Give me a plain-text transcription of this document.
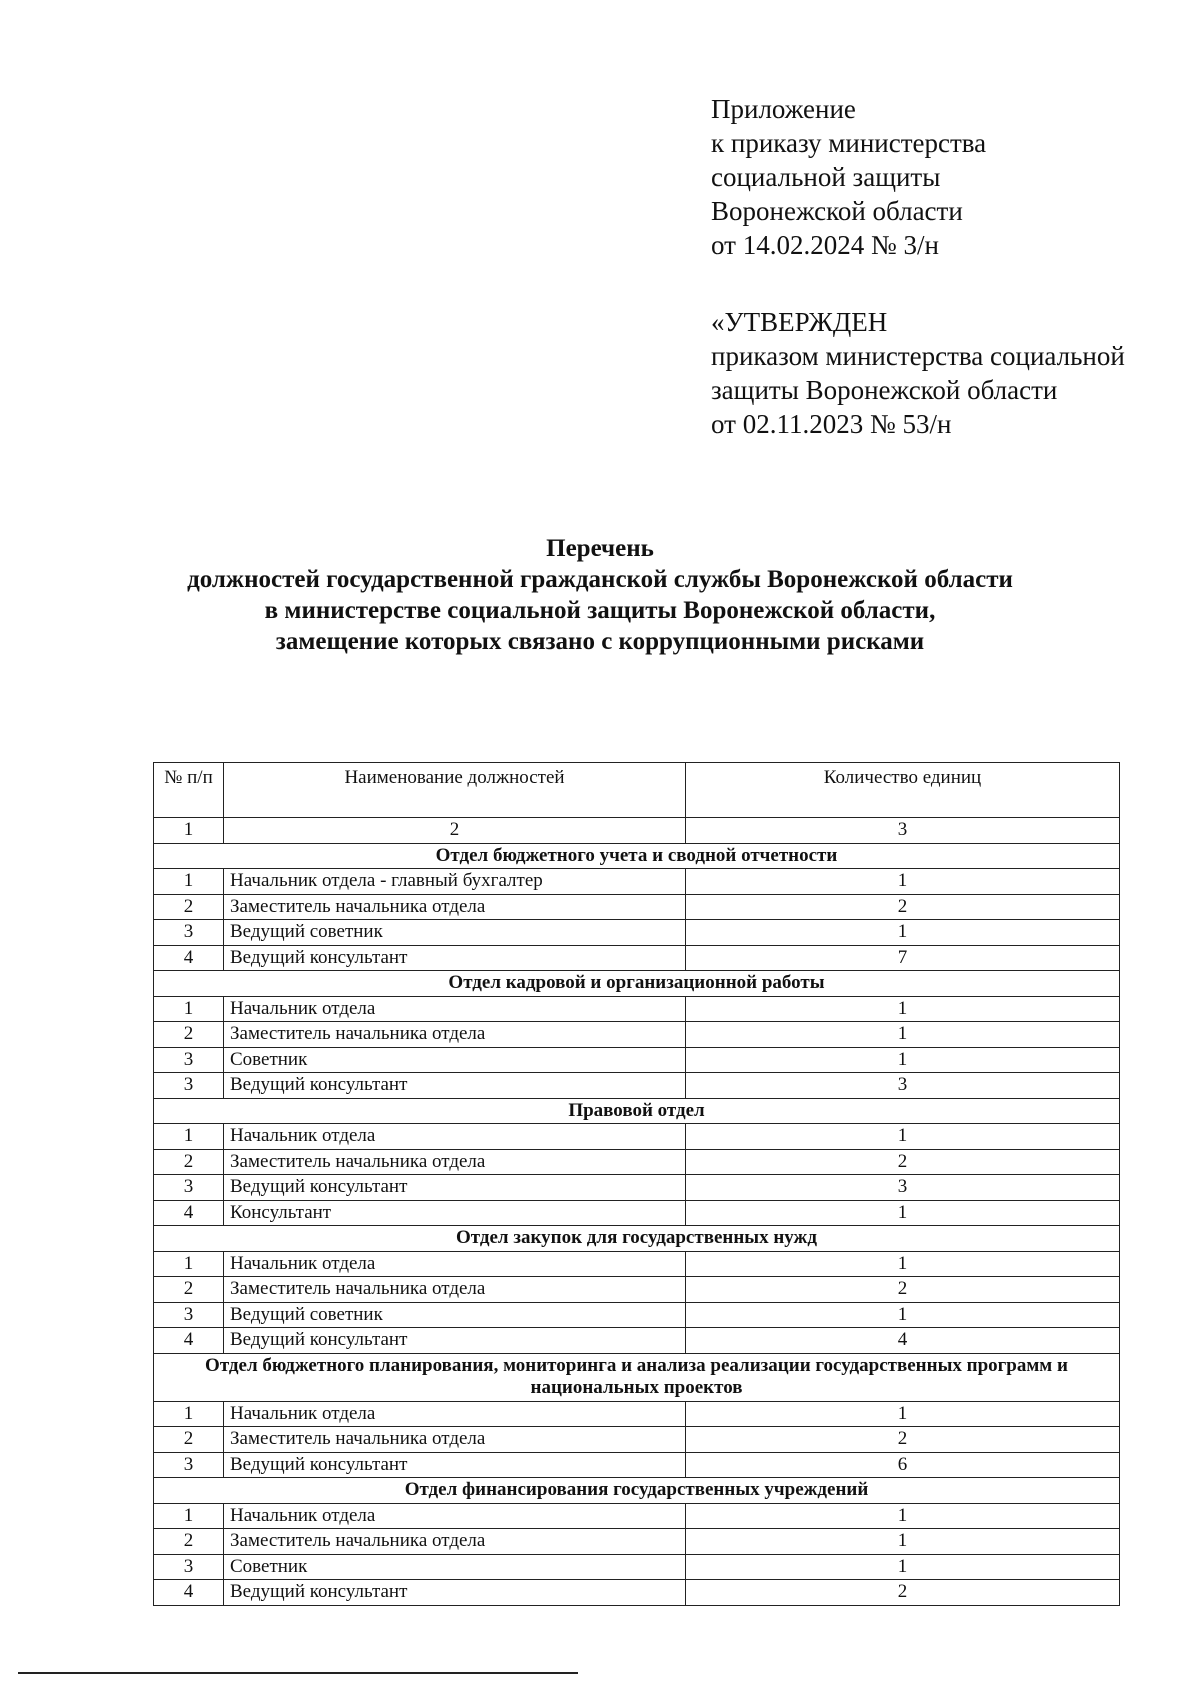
Приложение
к приказу министерства
социальной защиты
Воронежской области
от 14.02.2024 № 3/н
«УТВЕРЖДЕН
приказом министерства социальной
защиты Воронежской области
от 02.11.2023 № 53/н
Перечень
должностей государственной гражданской службы Воронежской области
в министерстве социальной защиты Воронежской области,
замещение которых связано с коррупционными рисками
№ п/п	Наименование должностей	Количество единиц
1	2	3
Отдел бюджетного учета и сводной отчетности		
1	Начальник отдела - главный бухгалтер	1
2	Заместитель начальника отдела	2
3	Ведущий советник	1
4	Ведущий консультант	7
Отдел кадровой и организационной работы		
1	Начальник отдела	1
2	Заместитель начальника отдела	1
3	Советник	1
3	Ведущий консультант	3
Правовой отдел		
1	Начальник отдела	1
2	Заместитель начальника отдела	2
3	Ведущий консультант	3
4	Консультант	1
Отдел закупок для государственных нужд		
1	Начальник отдела	1
2	Заместитель начальника отдела	2
3	Ведущий советник	1
4	Ведущий консультант	4
Отдел бюджетного планирования, мониторинга и анализа реализации государственных программ и национальных проектов		
1	Начальник отдела	1
2	Заместитель начальника отдела	2
3	Ведущий консультант	6
Отдел финансирования государственных учреждений		
1	Начальник отдела	1
2	Заместитель начальника отдела	1
3	Советник	1
4	Ведущий консультант	2
